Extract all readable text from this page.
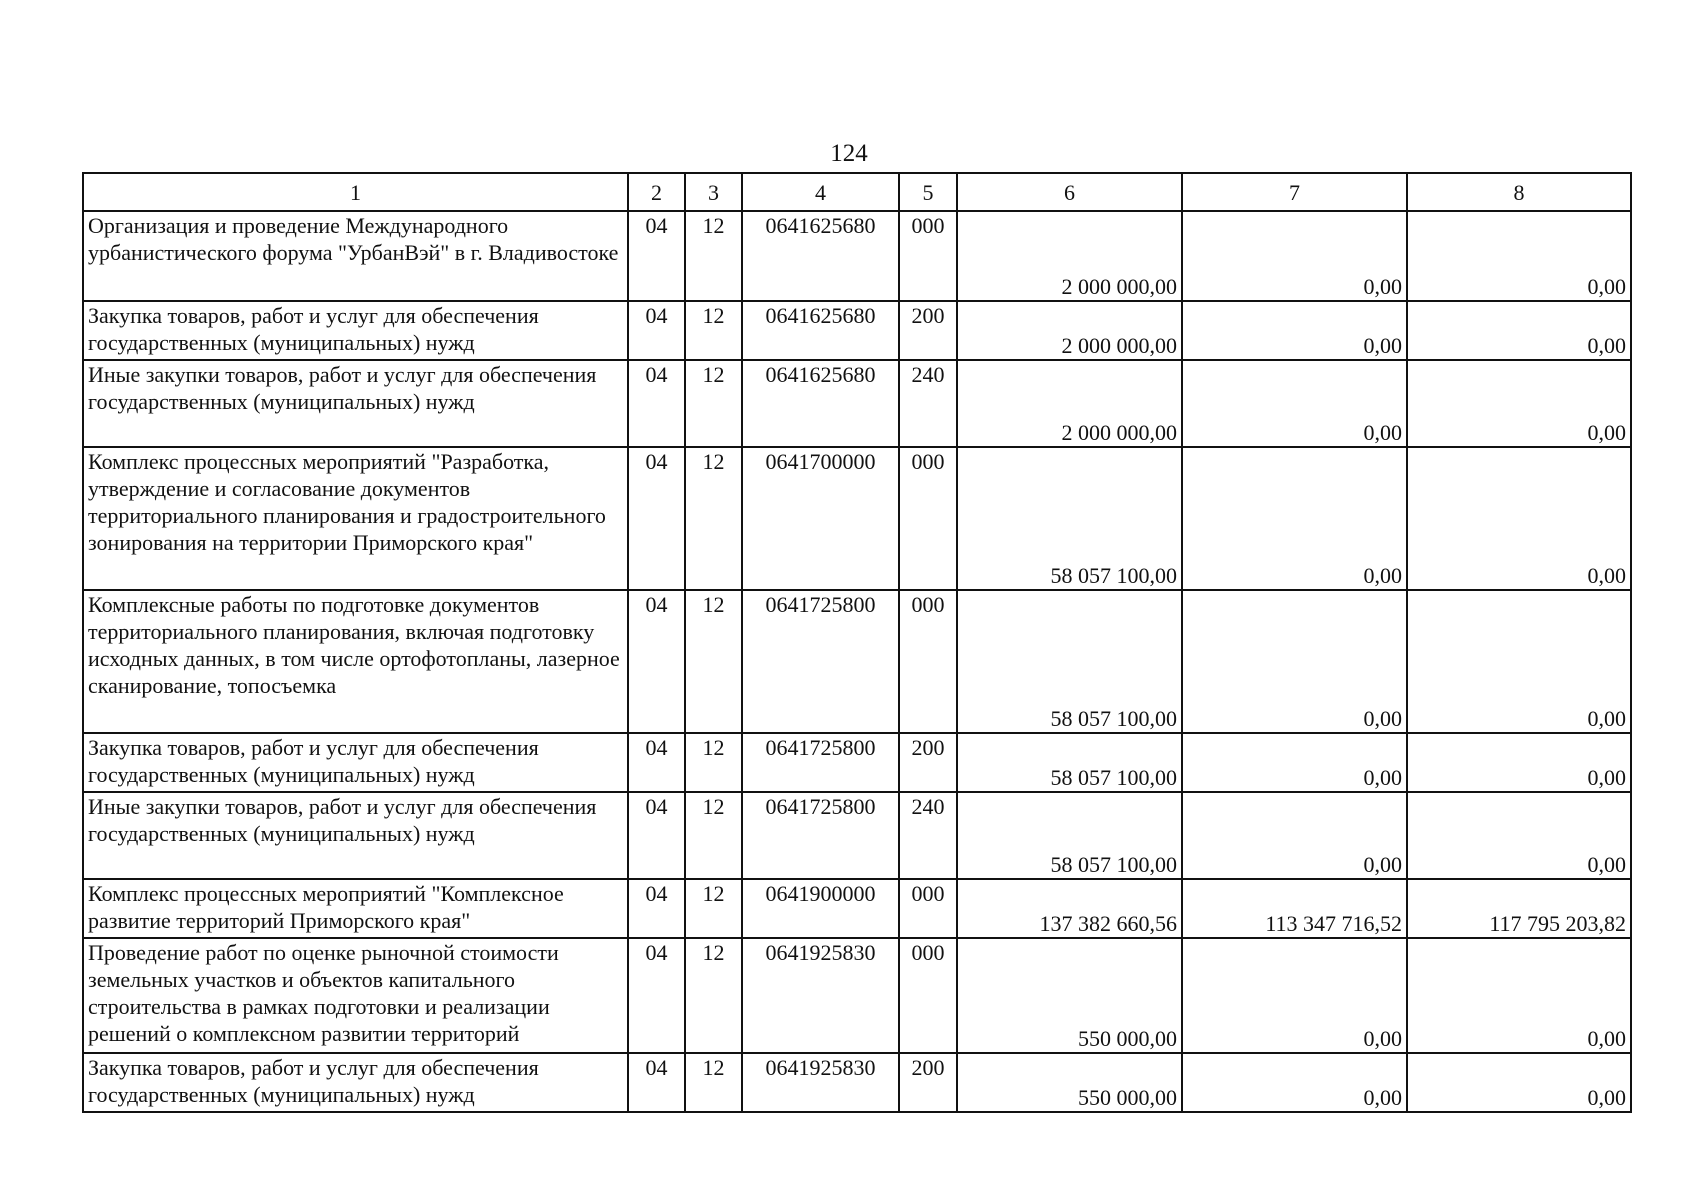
124
1	2	3	4	5	6	7	8
Организация и проведение Международного урбанистического форума "УрбанВэй" в г. Владивостоке	04	12	0641625680	000	2 000 000,00	0,00	0,00
Закупка товаров, работ и услуг для обеспечения государственных (муниципальных) нужд	04	12	0641625680	200	2 000 000,00	0,00	0,00
Иные закупки товаров, работ и услуг для обеспечения государственных (муниципальных) нужд	04	12	0641625680	240	2 000 000,00	0,00	0,00
Комплекс процессных мероприятий "Разработка, утверждение и согласование документов территориального планирования и градостроительного зонирования на территории Приморского края"	04	12	0641700000	000	58 057 100,00	0,00	0,00
Комплексные работы по подготовке документов территориального планирования, включая подготовку исходных данных, в том числе ортофотопланы, лазерное сканирование, топосъемка	04	12	0641725800	000	58 057 100,00	0,00	0,00
Закупка товаров, работ и услуг для обеспечения государственных (муниципальных) нужд	04	12	0641725800	200	58 057 100,00	0,00	0,00
Иные закупки товаров, работ и услуг для обеспечения государственных (муниципальных) нужд	04	12	0641725800	240	58 057 100,00	0,00	0,00
Комплекс процессных мероприятий "Комплексное развитие территорий Приморского края"	04	12	0641900000	000	137 382 660,56	113 347 716,52	117 795 203,82
Проведение работ по оценке рыночной стоимости земельных участков и объектов капитального строительства в рамках подготовки и реализации решений о комплексном развитии территорий	04	12	0641925830	000	550 000,00	0,00	0,00
Закупка товаров, работ и услуг для обеспечения государственных (муниципальных) нужд	04	12	0641925830	200	550 000,00	0,00	0,00
